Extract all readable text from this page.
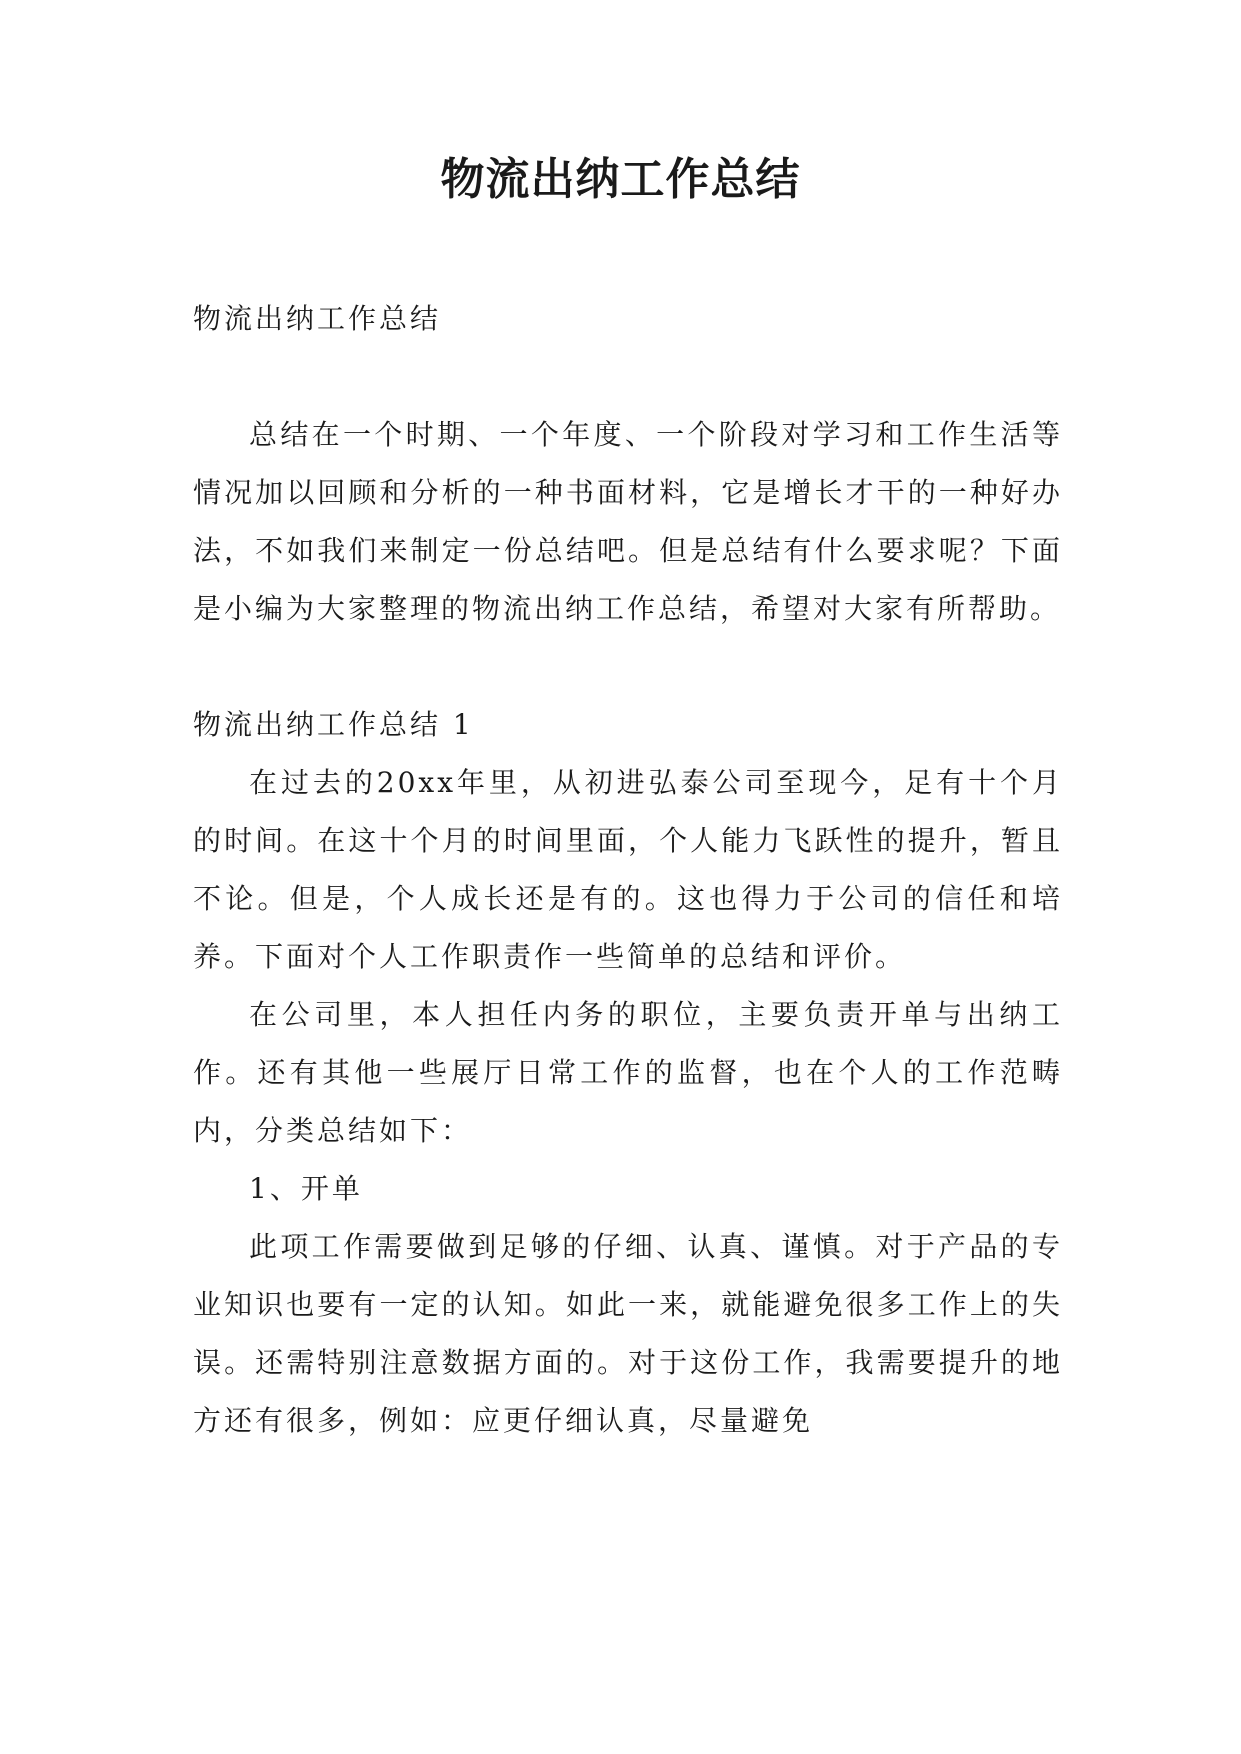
物流出纳工作总结

物流出纳工作总结

总结在一个时期、一个年度、一个阶段对学习和工作生活等情况加以回顾和分析的一种书面材料，它是增长才干的一种好办法，不如我们来制定一份总结吧。但是总结有什么要求呢？下面是小编为大家整理的物流出纳工作总结，希望对大家有所帮助。

物流出纳工作总结 1

在过去的20xx年里，从初进弘泰公司至现今，足有十个月的时间。在这十个月的时间里面，个人能力飞跃性的提升，暂且不论。但是，个人成长还是有的。这也得力于公司的信任和培养。下面对个人工作职责作一些简单的总结和评价。

在公司里，本人担任内务的职位，主要负责开单与出纳工作。还有其他一些展厅日常工作的监督，也在个人的工作范畴内，分类总结如下：

1、开单

此项工作需要做到足够的仔细、认真、谨慎。对于产品的专业知识也要有一定的认知。如此一来，就能避免很多工作上的失误。还需特别注意数据方面的。对于这份工作，我需要提升的地方还有很多，例如：应更仔细认真，尽量避免
